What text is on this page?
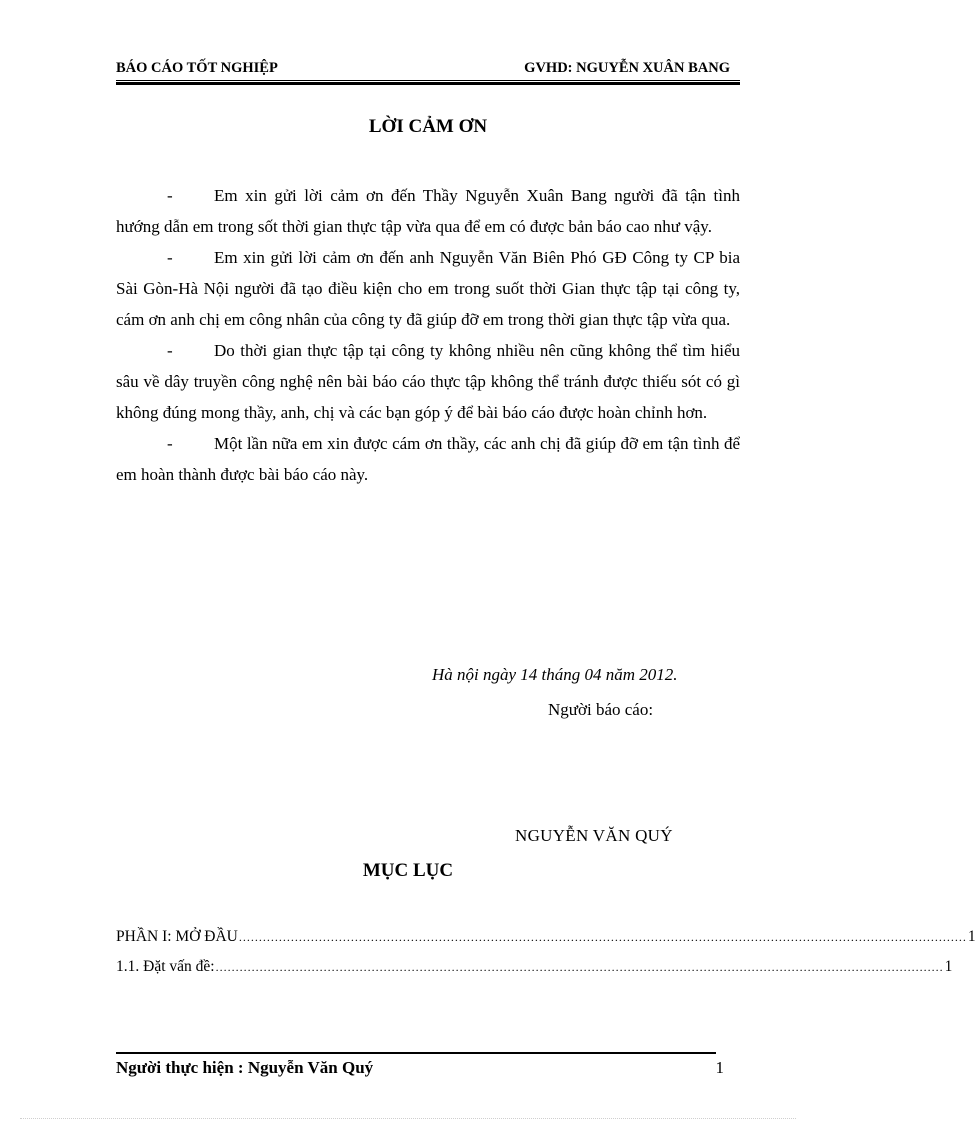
BÁO CÁO TỐT NGHIỆP	GVHD: NGUYỄN XUÂN BANG
LỜI CẢM ƠN

- Em xin gửi lời cảm ơn đến Thầy Nguyễn Xuân Bang người đã tận tình hướng dẫn em trong sốt thời gian thực tập vừa qua để em có được bản báo cao như vậy.

- Em xin gửi lời cảm ơn đến anh Nguyễn Văn Biên Phó GĐ Công ty CP bia Sài Gòn-Hà Nội người đã tạo điều kiện cho em trong suốt thời Gian thực tập tại công ty, cám ơn anh chị em công nhân của công ty đã giúp đỡ em trong thời gian thực tập vừa qua.

- Do thời gian thực tập tại công ty không nhiều nên cũng không thể tìm hiểu sâu về dây truyền công nghệ nên bài báo cáo thực tập không thể tránh được thiếu sót có gì không đúng mong thầy, anh, chị và các bạn góp ý để bài báo cáo được hoàn chỉnh hơn.

- Một lần nữa em xin được cám ơn thầy, các anh chị đã giúp đỡ em tận tình để em hoàn thành được bài báo cáo này.

Hà nội ngày 14 tháng 04 năm 2012.
Người báo cáo:
NGUYỄN VĂN QUÝ
MỤC LỤC
PHẦN I: MỞ ĐẦU ...................................................................................................................................................................................... 1
1.1. Đặt vấn đề: ...................................................................................................................................................................................... 1
Người thực hiện : Nguyễn Văn Quý	1
